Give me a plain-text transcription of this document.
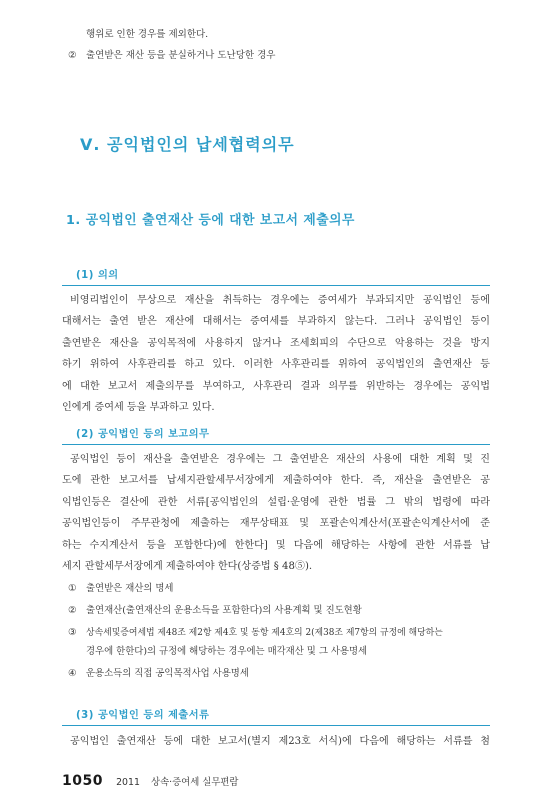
행위로 인한 경우를 제외한다.
② 출연받은 재산 등을 분실하거나 도난당한 경우
Ⅴ. 공익법인의 납세협력의무
1. 공익법인 출연재산 등에 대한 보고서 제출의무
(1) 의의
비영리법인이 무상으로 재산을 취득하는 경우에는 증여세가 부과되지만 공익법인 등에
대해서는 출연 받은 재산에 대해서는 증여세를 부과하지 않는다. 그러나 공익법인 등이
출연받은 재산을 공익목적에 사용하지 않거나 조세회피의 수단으로 악용하는 것을 방지
하기 위하여 사후관리를 하고 있다. 이러한 사후관리를 위하여 공익법인의 출연재산 등
에 대한 보고서 제출의무를 부여하고, 사후관리 결과 의무를 위반하는 경우에는 공익법
인에게 증여세 등을 부과하고 있다.
(2) 공익법인 등의 보고의무
공익법인 등이 재산을 출연받은 경우에는 그 출연받은 재산의 사용에 대한 계획 및 진
도에 관한 보고서를 납세지관할세무서장에게 제출하여야 한다. 즉, 재산을 출연받은 공
익법인등은 결산에 관한 서류[공익법인의 설립·운영에 관한 법률 그 밖의 법령에 따라
공익법인등이 주무관청에 제출하는 재무상태표 및 포괄손익계산서(포괄손익계산서에 준
하는 수지계산서 등을 포함한다)에 한한다] 및 다음에 해당하는 사항에 관한 서류를 납
세지 관할세무서장에게 제출하여야 한다(상증법 § 48⑤).
① 출연받은 재산의 명세
② 출연재산(출연재산의 운용소득을 포함한다)의 사용계획 및 진도현황
③ 상속세및증여세법 제48조 제2항 제4호 및 동항 제4호의 2(제38조 제7항의 규정에 해당하는
경우에 한한다)의 규정에 해당하는 경우에는 매각재산 및 그 사용명세
④ 운용소득의 직접 공익목적사업 사용명세
(3) 공익법인 등의 제출서류
공익법인 출연재산 등에 대한 보고서(별지 제23호 서식)에 다음에 해당하는 서류를 첨
1050 2011 상속·증여세 실무편람
